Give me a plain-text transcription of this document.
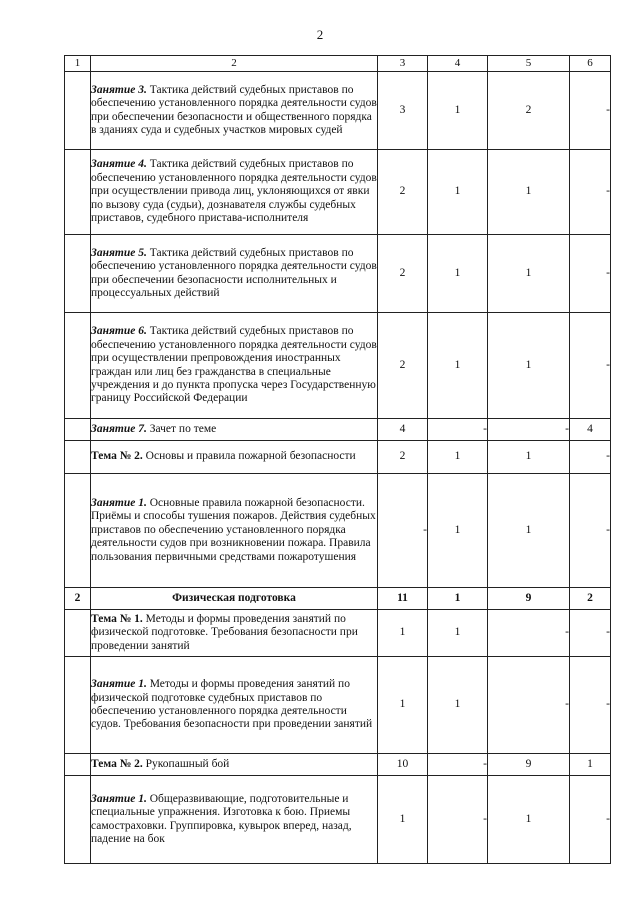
2
1	2	3	4	5	6
	Занятие 3. Тактика действий судебных приставов по обеспечению установленного порядка деятельности судов при обеспечении безопасности и общественного порядка в зданиях суда и судебных участков мировых судей	3	1	2	-
	Занятие 4. Тактика действий судебных приставов по обеспечению установленного порядка деятельности судов при осуществлении привода лиц, уклоняющихся от явки по вызову суда (судьи), дознавателя службы судебных приставов, судебного пристава-исполнителя	2	1	1	-
	Занятие 5. Тактика действий судебных приставов по обеспечению установленного порядка деятельности судов при обеспечении безопасности исполнительных и процессуальных действий	2	1	1	-
	Занятие 6. Тактика действий судебных приставов по обеспечению установленного порядка деятельности судов при осуществлении препровождения иностранных граждан или лиц без гражданства в специальные учреждения и до пункта пропуска через Государственную границу Российской Федерации	2	1	1	-
	Занятие 7. Зачет по теме	4	-	-	4
	Тема № 2. Основы и правила пожарной безопасности	2	1	1	-
	Занятие 1. Основные правила пожарной безопасности. Приёмы и способы тушения пожаров. Действия судебных приставов по обеспечению установленного порядка деятельности судов при возникновении пожара. Правила пользования первичными средствами пожаротушения	-	1	1	-
2	Физическая подготовка	11	1	9	2
	Тема № 1. Методы и формы проведения занятий по физической подготовке. Требования безопасности при проведении занятий	1	1	-	-
	Занятие 1. Методы и формы проведения занятий по физической подготовке судебных приставов по обеспечению установленного порядка деятельности судов. Требования безопасности при проведении занятий	1	1	-	-
	Тема № 2. Рукопашный бой	10	-	9	1
	Занятие 1. Общеразвивающие, подготовительные и специальные упражнения. Изготовка к бою. Приемы самостраховки. Группировка, кувырок вперед, назад, падение на бок	1	-	1	-
